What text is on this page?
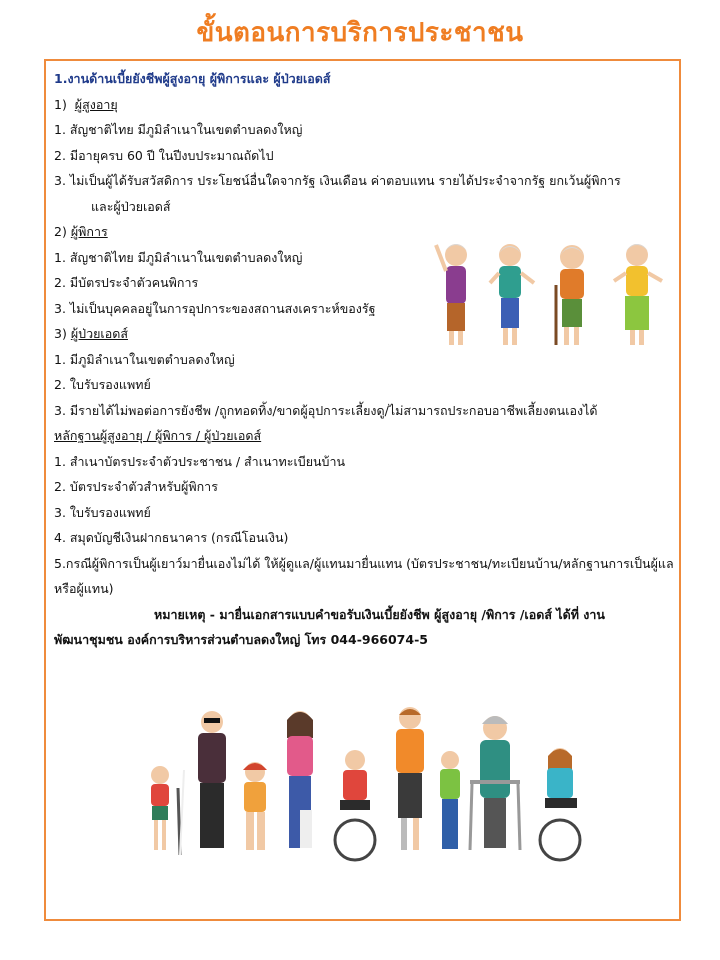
ขั้นตอนการบริการประชาชน
1.งานด้านเบี้ยยังชีพผู้สูงอายุ ผู้พิการและ ผู้ป่วยเอดส์
1) ผู้สูงอายุ
1. สัญชาติไทย มีภูมิลำเนาในเขตตำบลดงใหญ่
2. มีอายุครบ 60 ปี ในปีงบประมาณถัดไป
3. ไม่เป็นผู้ได้รับสวัสดิการ ประโยชน์อื่นใดจากรัฐ เงินเดือน ค่าตอบแทน รายได้ประจำจากรัฐ ยกเว้นผู้พิการ
และผู้ป่วยเอดส์
2) ผู้พิการ
1. สัญชาติไทย มีภูมิลำเนาในเขตตำบลดงใหญ่
2. มีบัตรประจำตัวคนพิการ
3. ไม่เป็นบุคคลอยู่ในการอุปการะของสถานสงเคราะห์ของรัฐ
3) ผู้ป่วยเอดส์
1. มีภูมิลำเนาในเขตตำบลดงใหญ่
2. ใบรับรองแพทย์
3. มีรายได้ไม่พอต่อการยังชีพ /ถูกทอดทิ้ง/ขาดผู้อุปการะเลี้ยงดู/ไม่สามารถประกอบอาชีพเลี้ยงตนเองได้
หลักฐานผู้สูงอายุ / ผู้พิการ / ผู้ป่วยเอดส์
1. สำเนาบัตรประจำตัวประชาชน / สำเนาทะเบียนบ้าน
2. บัตรประจำตัวสำหรับผู้พิการ
3. ใบรับรองแพทย์
4. สมุดบัญชีเงินฝากธนาคาร (กรณีโอนเงิน)
5.กรณีผู้พิการเป็นผู้เยาว์มายื่นเองไม่ได้ ให้ผู้ดูแล/ผู้แทนมายื่นแทน (บัตรประชาชน/ทะเบียนบ้าน/หลักฐานการเป็นผู้แลหรือผู้แทน)
หมายเหตุ - มายื่นเอกสารแบบคำขอรับเงินเบี้ยยังชีพ ผู้สูงอายุ /พิการ /เอดส์ ได้ที่ งาน
พัฒนาชุมชน องค์การบริหารส่วนตำบลดงใหญ่ โทร 044-966074-5
